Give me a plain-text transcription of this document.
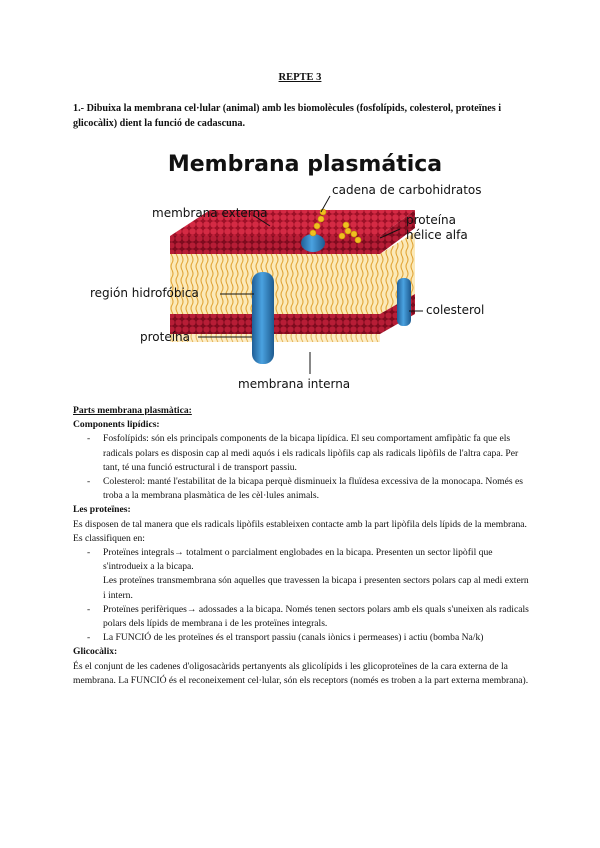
REPTE 3
1.- Dibuixa la membrana cel·lular (animal) amb les biomolècules (fosfolípids, colesterol, proteïnes i glicocàlix) dient la funció de cadascuna.
Membrana plasmática
cadena de carbohidratos
membrana externa	proteína
hélice alfa
región hidrofóbica
colesterol
proteína
membrana interna

Parts membrana plasmàtica:

Components lipídics:

- Fosfolípids: són els principals components de la bicapa lipídica. El seu comportament amfipàtic fa que els radicals polars es disposin cap al medi aquós i els radicals lipòfils cap als radicals lipòfils de l'altra capa. Per tant, té una funció estructural i de transport passiu.
- Colesterol: manté l'estabilitat de la bicapa perquè disminueix la fluïdesa excessiva de la monocapa. Només es troba a la membrana plasmàtica de les cèl·lules animals.

Les proteïnes:

Es disposen de tal manera que els radicals lipòfils estableixen contacte amb la part lipòfila dels lípids de la membrana.

Es classifiquen en:

- Proteïnes integrals→ totalment o parcialment englobades en la bicapa. Presenten un sector lipòfil que s'introdueix a la bicapa.
Les proteïnes transmembrana són aquelles que travessen la bicapa i presenten sectors polars cap al medi extern i intern.
- Proteïnes perifèriques→ adossades a la bicapa. Només tenen sectors polars amb els quals s'uneixen als radicals polars dels lípids de membrana i de les proteïnes integrals.
- La FUNCIÓ de les proteïnes és el transport passiu (canals iònics i permeases) i actiu (bomba Na/k)

Glicocàlix:

És el conjunt de les cadenes d'oligosacàrids pertanyents als glicolípids i les glicoproteïnes de la cara externa de la membrana. La FUNCIÓ és el reconeixement cel·lular, són els receptors (només es troben a la part externa membrana).
